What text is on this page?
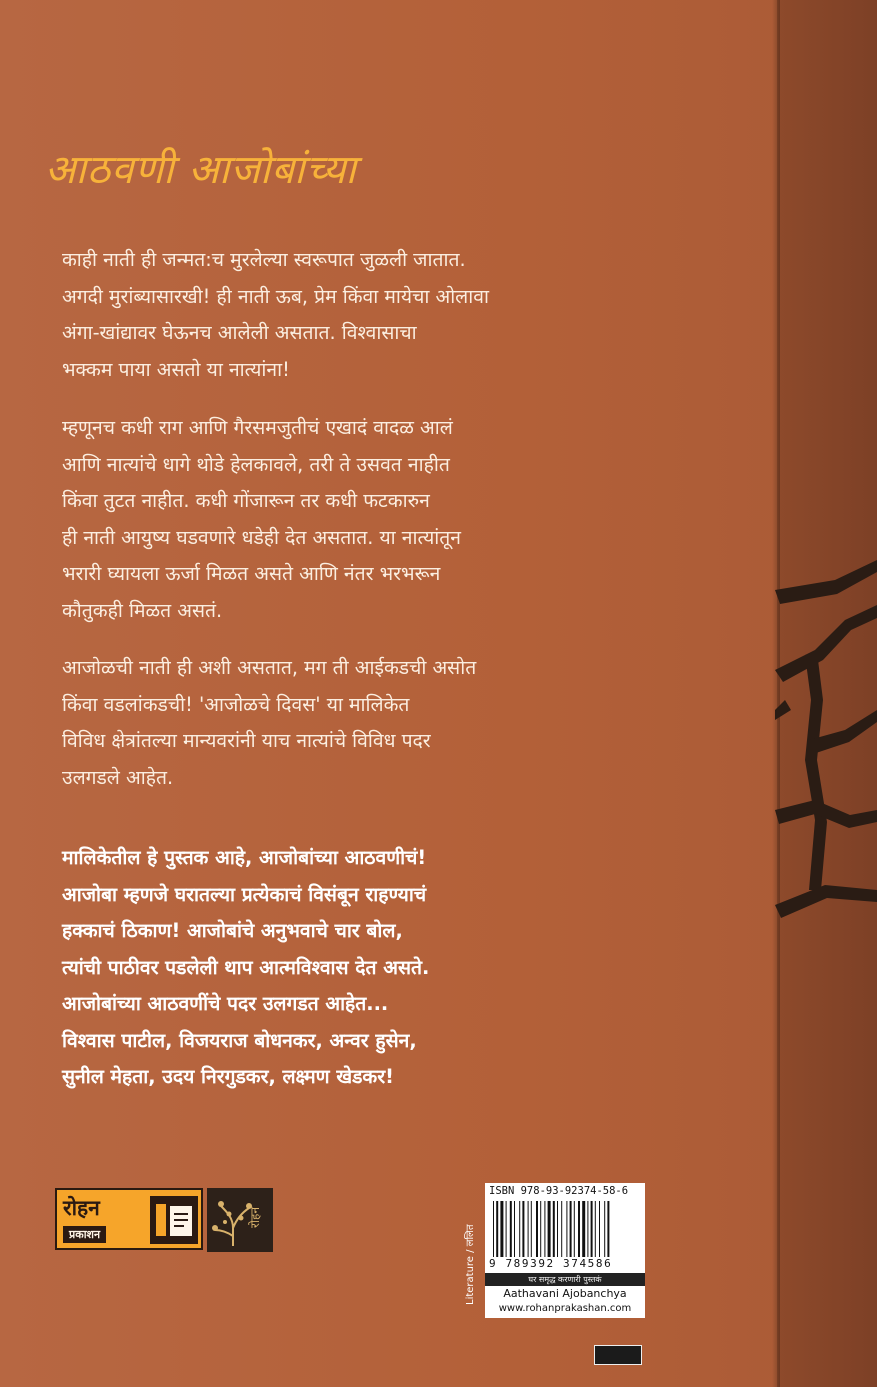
आठवणी आजोबांच्या
काही नाती ही जन्मत:च मुरलेल्या स्वरूपात जुळली जातात.
अगदी मुरांब्यासारखी! ही नाती ऊब, प्रेम किंवा मायेचा ओलावा
अंगा-खांद्यावर घेऊनच आलेली असतात. विश्वासाचा
भक्कम पाया असतो या नात्यांना!
म्हणूनच कधी राग आणि गैरसमजुतीचं एखादं वादळ आलं
आणि नात्यांचे धागे थोडे हेलकावले, तरी ते उसवत नाहीत
किंवा तुटत नाहीत. कधी गोंजारून तर कधी फटकारुन
ही नाती आयुष्य घडवणारे धडेही देत असतात. या नात्यांतून
भरारी घ्यायला ऊर्जा मिळत असते आणि नंतर भरभरून
कौतुकही मिळत असतं.
आजोळची नाती ही अशी असतात, मग ती आईकडची असोत
किंवा वडलांकडची! 'आजोळचे दिवस' या मालिकेत
विविध क्षेत्रांतल्या मान्यवरांनी याच नात्यांचे विविध पदर
उलगडले आहेत.
मालिकेतील हे पुस्तक आहे, आजोबांच्या आठवणीचं!
आजोबा म्हणजे घरातल्या प्रत्येकाचं विसंबून राहण्याचं
हक्काचं ठिकाण! आजोबांचे अनुभवाचे चार बोल,
त्यांची पाठीवर पडलेली थाप आत्मविश्वास देत असते.
आजोबांच्या आठवणींचे पदर उलगडत आहेत...
विश्वास पाटील, विजयराज बोधनकर, अन्वर हुसेन,
सुनील मेहता, उदय निरगुडकर, लक्ष्मण खेडकर!
रोहन
प्रकाशन
रोहन
Literature / ललित
ISBN 978-93-92374-58-6
9 789392 374586
घर समृद्ध करणारी पुस्तकं
Aathavani Ajobanchya
www.rohanprakashan.com
